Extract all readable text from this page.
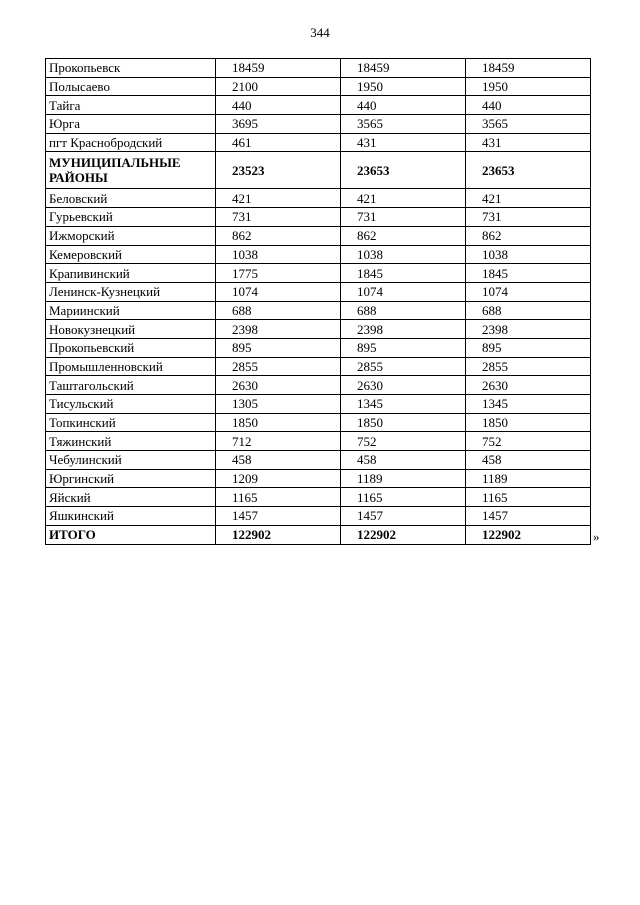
344
Прокопьевск	18459	18459	18459
Полысаево	2100	1950	1950
Тайга	440	440	440
Юрга	3695	3565	3565
пгт Краснобродский	461	431	431
МУНИЦИПАЛЬНЫЕ РАЙОНЫ	23523	23653	23653
Беловский	421	421	421
Гурьевский	731	731	731
Ижморский	862	862	862
Кемеровский	1038	1038	1038
Крапивинский	1775	1845	1845
Ленинск-Кузнецкий	1074	1074	1074
Мариинский	688	688	688
Новокузнецкий	2398	2398	2398
Прокопьевский	895	895	895
Промышленновский	2855	2855	2855
Таштагольский	2630	2630	2630
Тисульский	1305	1345	1345
Топкинский	1850	1850	1850
Тяжинский	712	752	752
Чебулинский	458	458	458
Юргинский	1209	1189	1189
Яйский	1165	1165	1165
Яшкинский	1457	1457	1457
ИТОГО	122902	122902	122902	»
